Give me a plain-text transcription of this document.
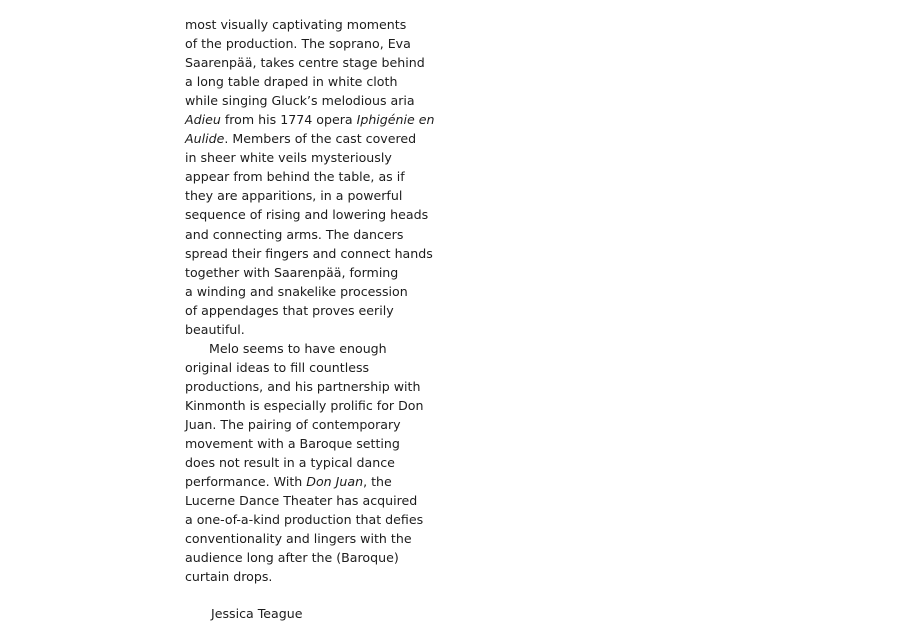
most visually captivating moments
of the production. The soprano, Eva
Saarenpää, takes centre stage behind
a long table draped in white cloth
while singing Gluck’s melodious aria
Adieu from his 1774 opera Iphigénie en
Aulide. Members of the cast covered
in sheer white veils mysteriously
appear from behind the table, as if
they are apparitions, in a powerful
sequence of rising and lowering heads
and connecting arms. The dancers
spread their fingers and connect hands
together with Saarenpää, forming
a winding and snakelike procession
of appendages that proves eerily
beautiful.
Melo seems to have enough
original ideas to fill countless
productions, and his partnership with
Kinmonth is especially prolific for Don
Juan. The pairing of contemporary
movement with a Baroque setting
does not result in a typical dance
performance. With Don Juan, the
Lucerne Dance Theater has acquired
a one-of-a-kind production that defies
conventionality and lingers with the
audience long after the (Baroque)
curtain drops.
Jessica Teague
